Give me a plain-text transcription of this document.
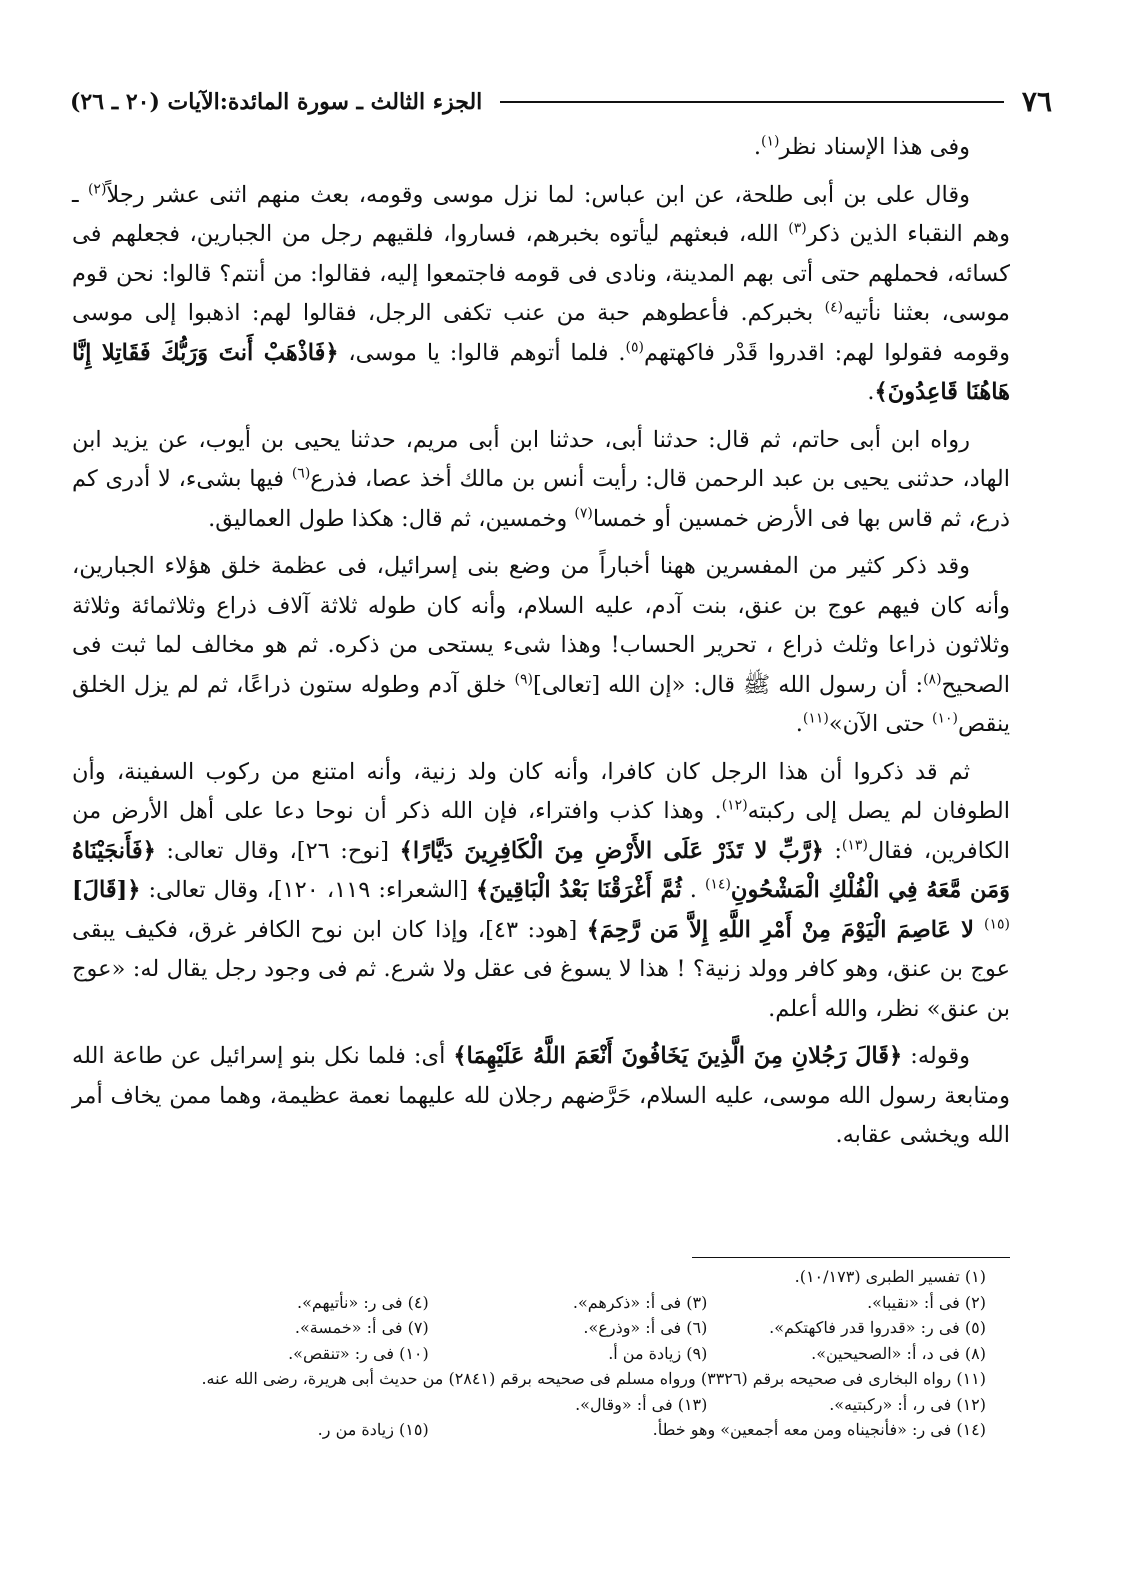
٧٦
الجزء الثالث ـ سورة المائدة:الآيات (٢٠ ـ ٢٦)

وفى هذا الإسناد نظر$^{(١)}$.

وقال على بن أبى طلحة، عن ابن عباس: لما نزل موسى وقومه، بعث منهم اثنى عشر رجلاً$^{(٢)}$ ـ وهم النقباء الذين ذكر$^{(٣)}$ الله، فبعثهم ليأتوه بخبرهم، فساروا، فلقيهم رجل من الجبارين، فجعلهم فى كسائه، فحملهم حتى أتى بهم المدينة، ونادى فى قومه فاجتمعوا إليه، فقالوا: من أنتم؟ قالوا: نحن قوم موسى، بعثنا نأتيه$^{(٤)}$ بخبركم. فأعطوهم حبة من عنب تكفى الرجل، فقالوا لهم: اذهبوا إلى موسى وقومه فقولوا لهم: اقدروا قَدْر فاكهتهم$^{(٥)}$. فلما أتوهم قالوا: يا موسى، ﴿فَاذْهَبْ أَنتَ وَرَبُّكَ فَقَاتِلا إِنَّا هَاهُنَا قَاعِدُونَ﴾.

رواه ابن أبى حاتم، ثم قال: حدثنا أبى، حدثنا ابن أبى مريم، حدثنا يحيى بن أيوب، عن يزيد ابن الهاد، حدثنى يحيى بن عبد الرحمن قال: رأيت أنس بن مالك أخذ عصا، فذرع$^{(٦)}$ فيها بشىء، لا أدرى كم ذرع، ثم قاس بها فى الأرض خمسين أو خمسا$^{(٧)}$ وخمسين، ثم قال: هكذا طول العماليق.

وقد ذكر كثير من المفسرين ههنا أخباراً من وضع بنى إسرائيل، فى عظمة خلق هؤلاء الجبارين، وأنه كان فيهم عوج بن عنق، بنت آدم، عليه السلام، وأنه كان طوله ثلاثة آلاف ذراع وثلاثمائة وثلاثة وثلاثون ذراعا وثلث ذراع ، تحرير الحساب! وهذا شىء يستحى من ذكره. ثم هو مخالف لما ثبت فى الصحيح$^{(٨)}$: أن رسول الله ﷺ قال: «إن الله [تعالى]$^{(٩)}$ خلق آدم وطوله ستون ذراعًا، ثم لم يزل الخلق ينقص$^{(١٠)}$ حتى الآن»$^{(١١)}$.

ثم قد ذكروا أن هذا الرجل كان كافرا، وأنه كان ولد زنية، وأنه امتنع من ركوب السفينة، وأن الطوفان لم يصل إلى ركبته$^{(١٢)}$. وهذا كذب وافتراء، فإن الله ذكر أن نوحا دعا على أهل الأرض من الكافرين، فقال$^{(١٣)}$: ﴿رَّبِّ لا تَذَرْ عَلَى الأَرْضِ مِنَ الْكَافِرِينَ دَيَّارًا﴾ [نوح: ٢٦]، وقال تعالى: ﴿فَأَنجَيْنَاهُ وَمَن مَّعَهُ فِي الْفُلْكِ الْمَشْحُونِ$^{(١٤)}$ . ثُمَّ أَغْرَقْنَا بَعْدُ الْبَاقِينَ﴾ [الشعراء: ١١٩، ١٢٠]، وقال تعالى: ﴿[قَالَ]$^{(١٥)}$ لا عَاصِمَ الْيَوْمَ مِنْ أَمْرِ اللَّهِ إِلاَّ مَن رَّحِمَ﴾ [هود: ٤٣]، وإذا كان ابن نوح الكافر غرق، فكيف يبقى عوج بن عنق، وهو كافر وولد زنية؟ ! هذا لا يسوغ فى عقل ولا شرع. ثم فى وجود رجل يقال له: «عوج بن عنق» نظر، والله أعلم.

وقوله: ﴿قَالَ رَجُلانِ مِنَ الَّذِينَ يَخَافُونَ أَنْعَمَ اللَّهُ عَلَيْهِمَا﴾ أى: فلما نكل بنو إسرائيل عن طاعة الله ومتابعة رسول الله موسى، عليه السلام، حَرَّضهم رجلان لله عليهما نعمة عظيمة، وهما ممن يخاف أمر الله ويخشى عقابه.

(١) تفسير الطبرى (١٠/١٧٣).
(٢) فى أ: «نقيبا».
(٣) فى أ: «ذكرهم».
(٤) فى ر: «نأتيهم».
(٥) فى ر: «قدروا قدر فاكهتكم».
(٦) فى أ: «وذرع».
(٧) فى أ: «خمسة».
(٨) فى د، أ: «الصحيحين».
(٩) زيادة من أ.
(١٠) فى ر: «تنقص».
(١١) رواه البخارى فى صحيحه برقم (٣٣٢٦) ورواه مسلم فى صحيحه برقم (٢٨٤١) من حديث أبى هريرة، رضى الله عنه.
(١٢) فى ر، أ: «ركبتيه».
(١٣) فى أ: «وقال».
(١٤) فى ر: «فأنجيناه ومن معه أجمعين» وهو خطأ.
(١٥) زيادة من ر.
